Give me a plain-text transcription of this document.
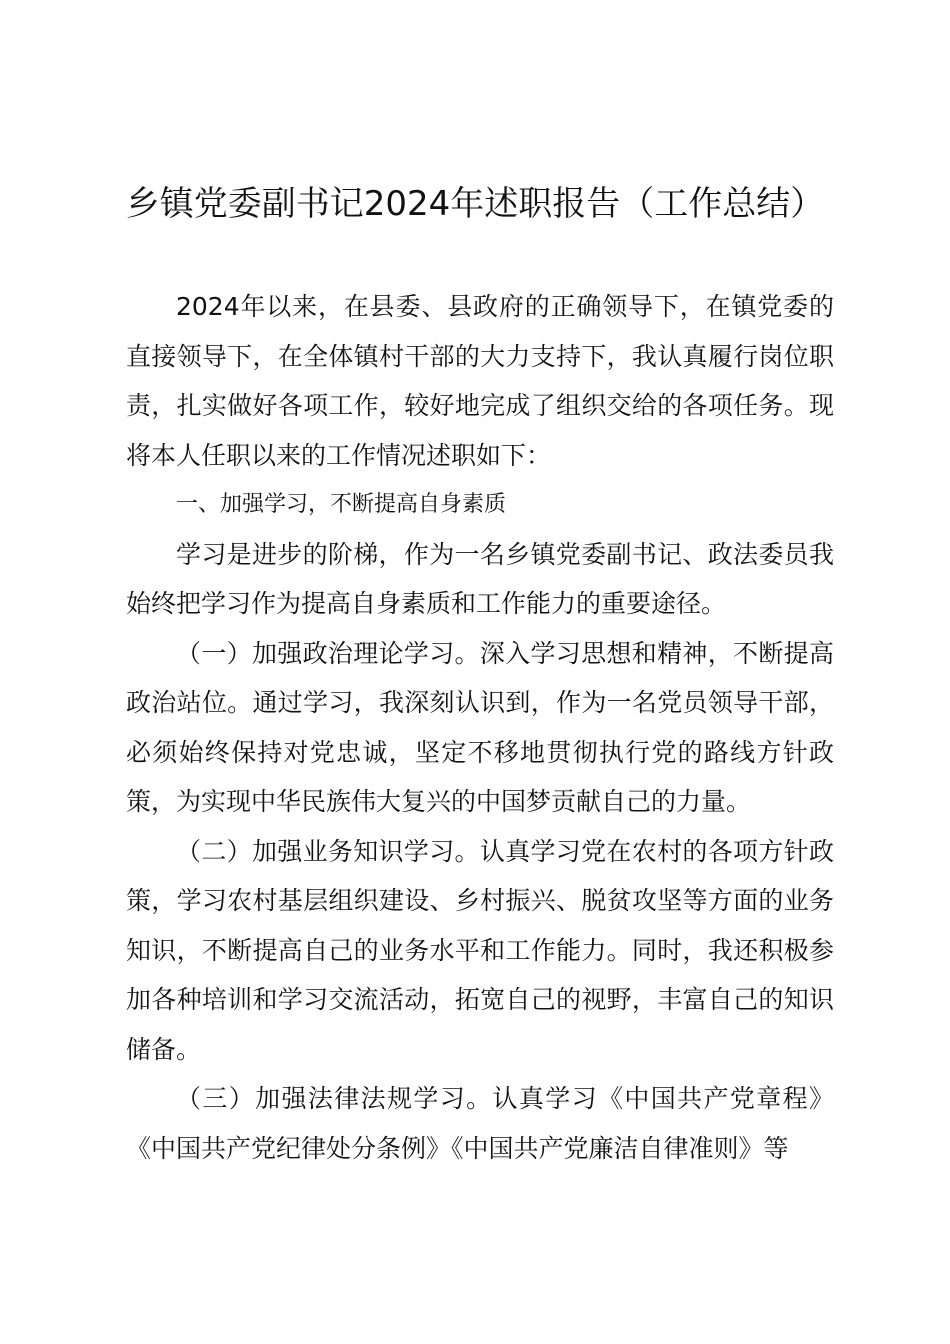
乡镇党委副书记2024年述职报告（工作总结）

2024年以来，在县委、县政府的正确领导下，在镇党委的直接领导下，在全体镇村干部的大力支持下，我认真履行岗位职责，扎实做好各项工作，较好地完成了组织交给的各项任务。现将本人任职以来的工作情况述职如下：

一、加强学习，不断提高自身素质

学习是进步的阶梯，作为一名乡镇党委副书记、政法委员我始终把学习作为提高自身素质和工作能力的重要途径。

（一）加强政治理论学习。深入学习思想和精神，不断提高政治站位。通过学习，我深刻认识到，作为一名党员领导干部，必须始终保持对党忠诚，坚定不移地贯彻执行党的路线方针政策，为实现中华民族伟大复兴的中国梦贡献自己的力量。

（二）加强业务知识学习。认真学习党在农村的各项方针政策，学习农村基层组织建设、乡村振兴、脱贫攻坚等方面的业务知识，不断提高自己的业务水平和工作能力。同时，我还积极参加各种培训和学习交流活动，拓宽自己的视野，丰富自己的知识储备。

（三）加强法律法规学习。认真学习《中国共产党章程》《中国共产党纪律处分条例》《中国共产党廉洁自律准则》等
